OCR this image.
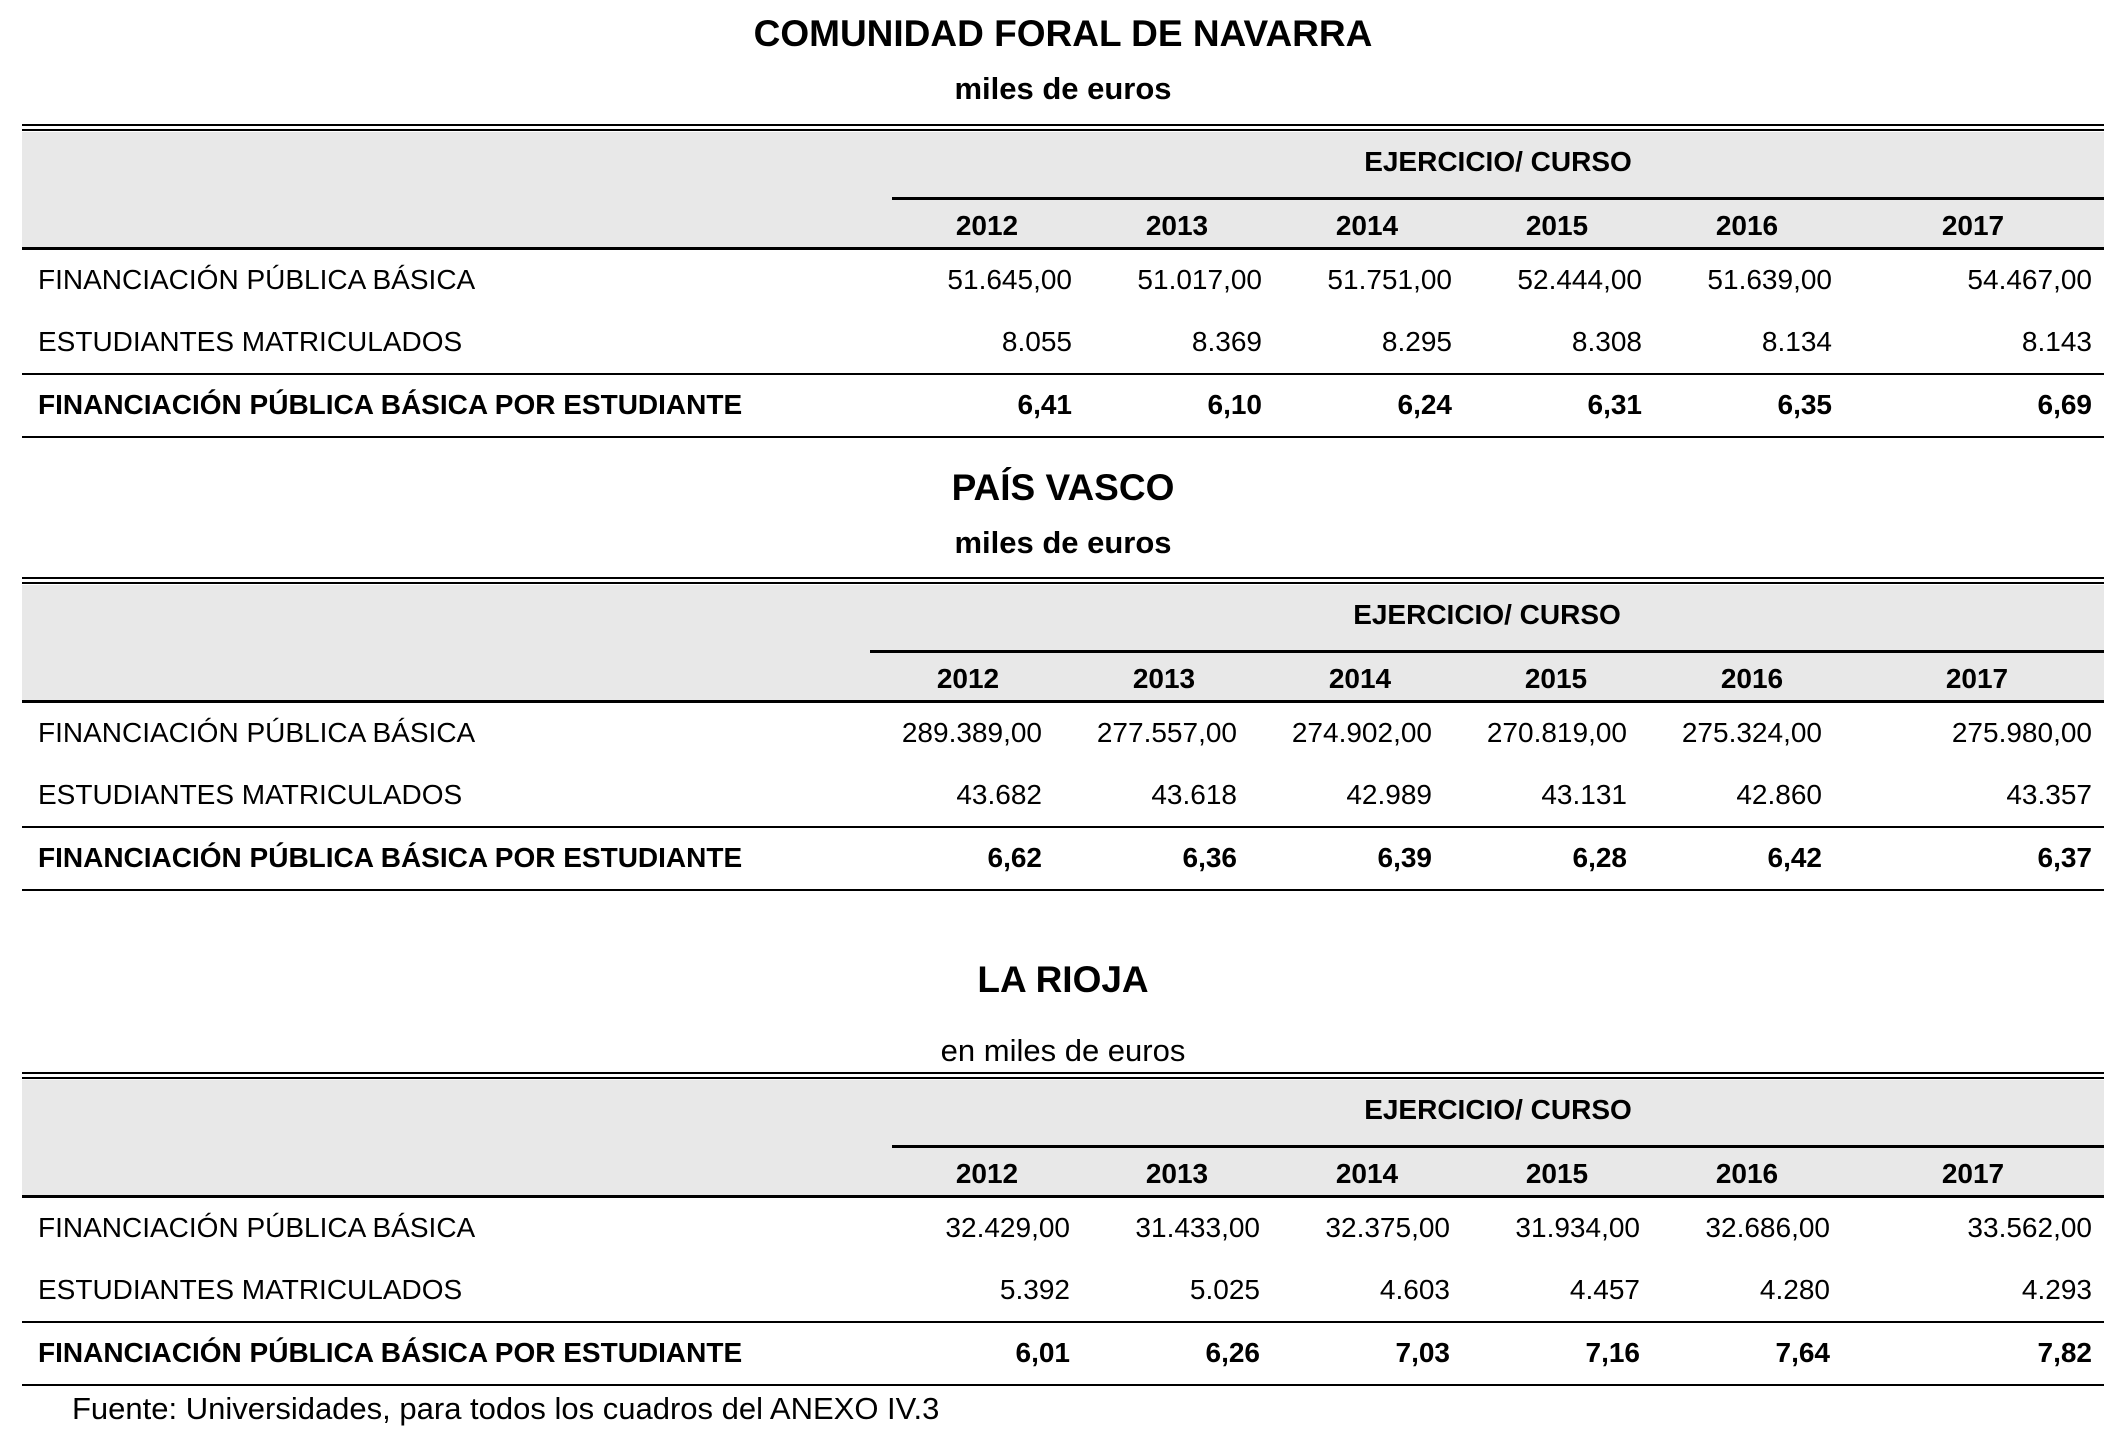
COMUNIDAD FORAL DE NAVARRA
miles de euros
EJERCICIO/ CURSO
2012	2013	2014	2015	2016	2017
FINANCIACIÓN PÚBLICA BÁSICA	51.645,00	51.017,00	51.751,00	52.444,00	51.639,00	54.467,00
ESTUDIANTES MATRICULADOS	8.055	8.369	8.295	8.308	8.134	8.143
FINANCIACIÓN PÚBLICA BÁSICA POR ESTUDIANTE	6,41	6,10	6,24	6,31	6,35	6,69
PAÍS VASCO
miles de euros
EJERCICIO/ CURSO
2012	2013	2014	2015	2016	2017
FINANCIACIÓN PÚBLICA BÁSICA	289.389,00	277.557,00	274.902,00	270.819,00	275.324,00	275.980,00
ESTUDIANTES MATRICULADOS	43.682	43.618	42.989	43.131	42.860	43.357
FINANCIACIÓN PÚBLICA BÁSICA POR ESTUDIANTE	6,62	6,36	6,39	6,28	6,42	6,37
LA RIOJA
en miles de euros
EJERCICIO/ CURSO
2012	2013	2014	2015	2016	2017
FINANCIACIÓN PÚBLICA BÁSICA	32.429,00	31.433,00	32.375,00	31.934,00	32.686,00	33.562,00
ESTUDIANTES MATRICULADOS	5.392	5.025	4.603	4.457	4.280	4.293
FINANCIACIÓN PÚBLICA BÁSICA POR ESTUDIANTE	6,01	6,26	7,03	7,16	7,64	7,82
Fuente: Universidades, para todos los cuadros del ANEXO IV.3
